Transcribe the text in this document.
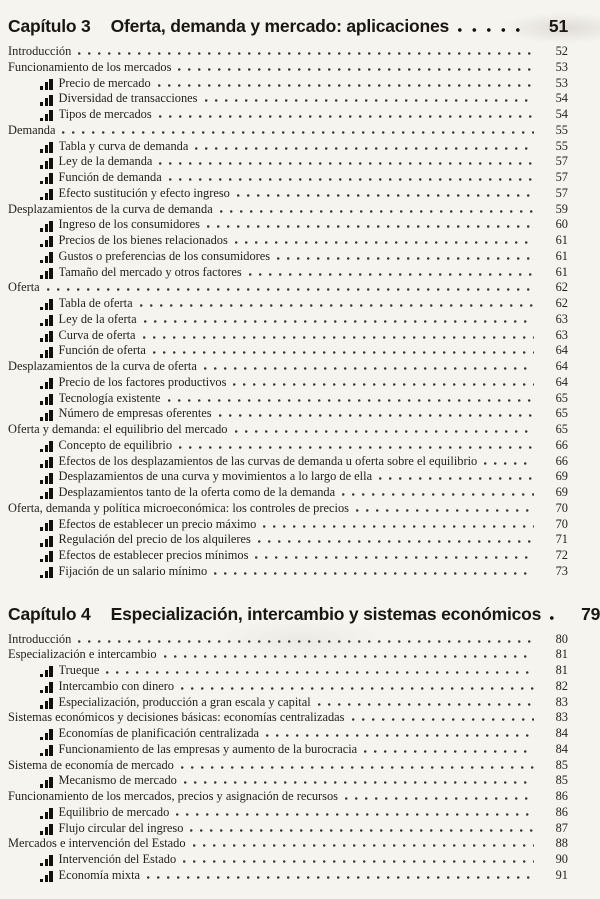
Capítulo 3 Oferta, demanda y mercado: aplicaciones	51
Introducción	52
Funcionamiento de los mercados	53
Precio de mercado	53
Diversidad de transacciones	54
Tipos de mercados	54
Demanda	55
Tabla y curva de demanda	55
Ley de la demanda	57
Función de demanda	57
Efecto sustitución y efecto ingreso	57
Desplazamientos de la curva de demanda	59
Ingreso de los consumidores	60
Precios de los bienes relacionados	61
Gustos o preferencias de los consumidores	61
Tamaño del mercado y otros factores	61
Oferta	62
Tabla de oferta	62
Ley de la oferta	63
Curva de oferta	63
Función de oferta	64
Desplazamientos de la curva de oferta	64
Precio de los factores productivos	64
Tecnología existente	65
Número de empresas oferentes	65
Oferta y demanda: el equilibrio del mercado	65
Concepto de equilibrio	66
Efectos de los desplazamientos de las curvas de demanda u oferta sobre el equilibrio	66
Desplazamientos de una curva y movimientos a lo largo de ella	69
Desplazamientos tanto de la oferta como de la demanda	69
Oferta, demanda y política microeconómica: los controles de precios	70
Efectos de establecer un precio máximo	70
Regulación del precio de los alquileres	71
Efectos de establecer precios mínimos	72
Fijación de un salario mínimo	73
Capítulo 4 Especialización, intercambio y sistemas económicos	79
Introducción	80
Especialización e intercambio	81
Trueque	81
Intercambio con dinero	82
Especialización, producción a gran escala y capital	83
Sistemas económicos y decisiones básicas: economías centralizadas	83
Economías de planificación centralizada	84
Funcionamiento de las empresas y aumento de la burocracia	84
Sistema de economía de mercado	85
Mecanismo de mercado	85
Funcionamiento de los mercados, precios y asignación de recursos	86
Equilibrio de mercado	86
Flujo circular del ingreso	87
Mercados e intervención del Estado	88
Intervención del Estado	90
Economía mixta	91
